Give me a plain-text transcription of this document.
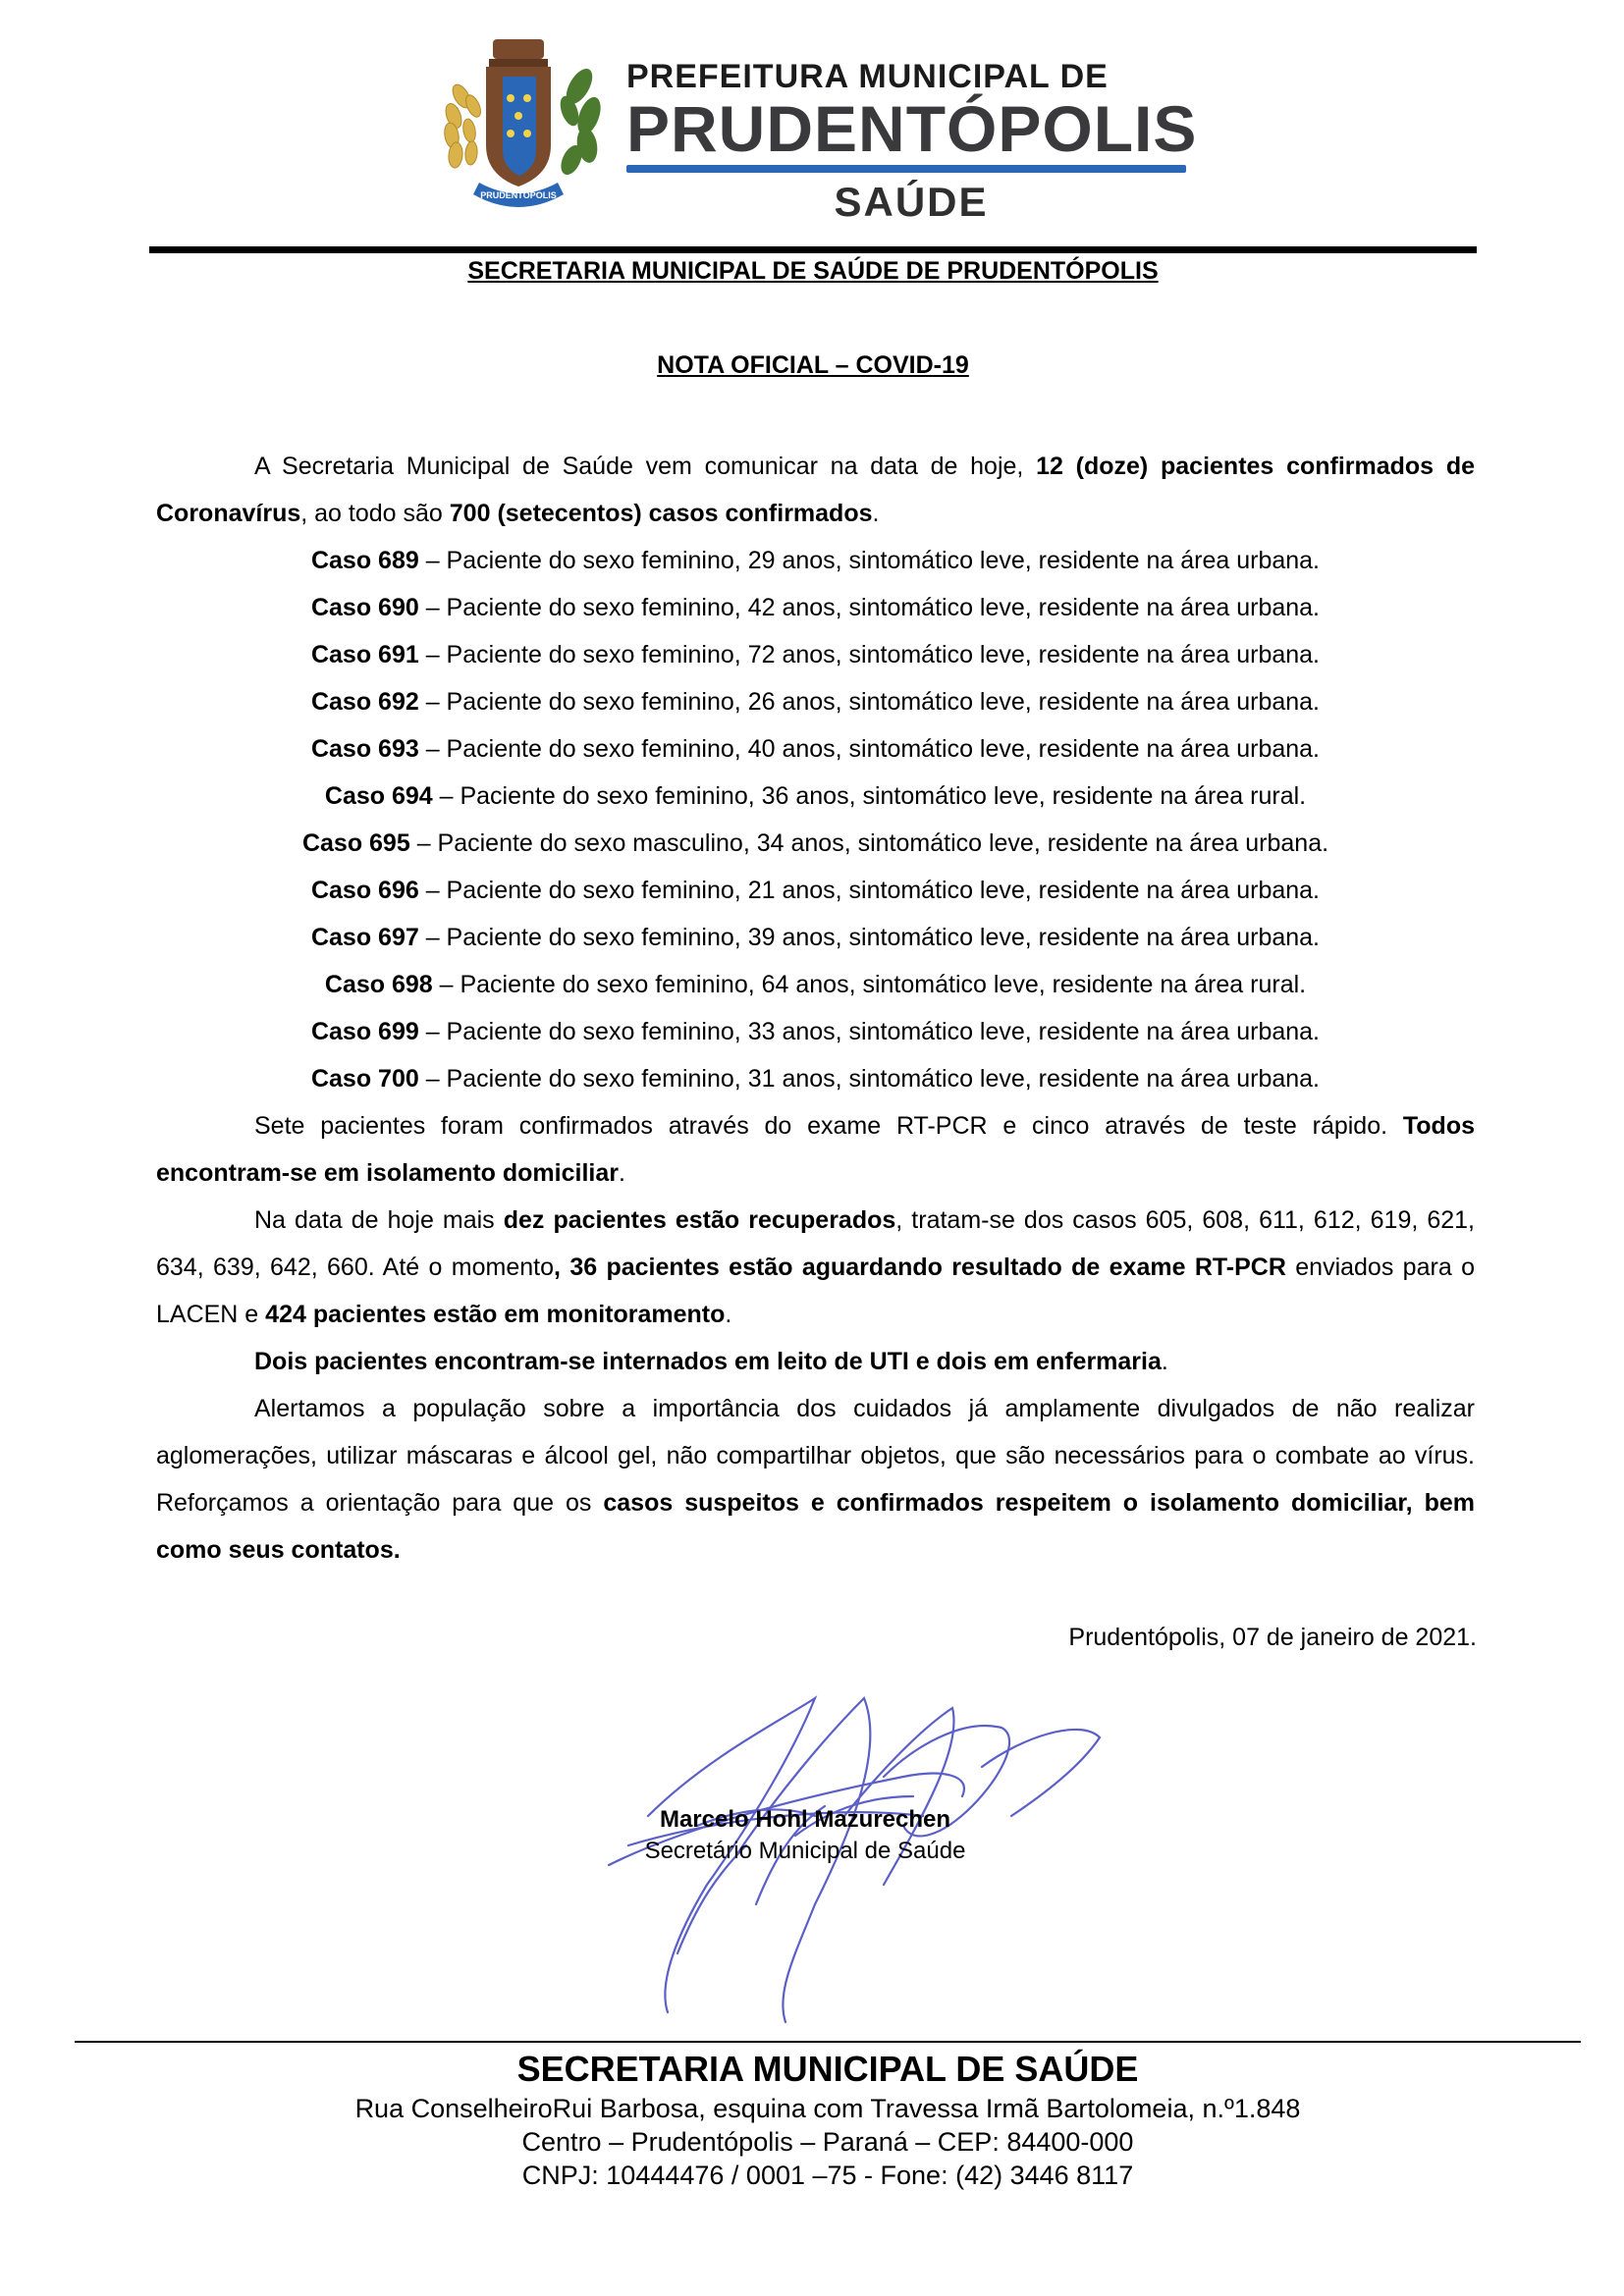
PRUDENTÓPOLIS
PREFEITURA MUNICIPAL DE
PRUDENTÓPOLIS
SAÚDE
SECRETARIA MUNICIPAL DE SAÚDE DE PRUDENTÓPOLIS
NOTA OFICIAL – COVID-19

A Secretaria Municipal de Saúde vem comunicar na data de hoje, 12 (doze) pacientes confirmados de Coronavírus, ao todo são 700 (setecentos) casos confirmados.

Caso 689 – Paciente do sexo feminino, 29 anos, sintomático leve, residente na área urbana.

Caso 690 – Paciente do sexo feminino, 42 anos, sintomático leve, residente na área urbana.

Caso 691 – Paciente do sexo feminino, 72 anos, sintomático leve, residente na área urbana.

Caso 692 – Paciente do sexo feminino, 26 anos, sintomático leve, residente na área urbana.

Caso 693 – Paciente do sexo feminino, 40 anos, sintomático leve, residente na área urbana.

Caso 694 – Paciente do sexo feminino, 36 anos, sintomático leve, residente na área rural.

Caso 695 – Paciente do sexo masculino, 34 anos, sintomático leve, residente na área urbana.

Caso 696 – Paciente do sexo feminino, 21 anos, sintomático leve, residente na área urbana.

Caso 697 – Paciente do sexo feminino, 39 anos, sintomático leve, residente na área urbana.

Caso 698 – Paciente do sexo feminino, 64 anos, sintomático leve, residente na área rural.

Caso 699 – Paciente do sexo feminino, 33 anos, sintomático leve, residente na área urbana.

Caso 700 – Paciente do sexo feminino, 31 anos, sintomático leve, residente na área urbana.

Sete pacientes foram confirmados através do exame RT-PCR e cinco através de teste rápido. Todos encontram-se em isolamento domiciliar.

Na data de hoje mais dez pacientes estão recuperados, tratam-se dos casos 605, 608, 611, 612, 619, 621, 634, 639, 642, 660. Até o momento, 36 pacientes estão aguardando resultado de exame RT-PCR enviados para o LACEN e 424 pacientes estão em monitoramento.

Dois pacientes encontram-se internados em leito de UTI e dois em enfermaria.

Alertamos a população sobre a importância dos cuidados já amplamente divulgados de não realizar aglomerações, utilizar máscaras e álcool gel, não compartilhar objetos, que são necessários para o combate ao vírus. Reforçamos a orientação para que os casos suspeitos e confirmados respeitem o isolamento domiciliar, bem como seus contatos.

Prudentópolis, 07 de janeiro de 2021.
Marcelo Hohl Mazurechen
Secretário Municipal de Saúde
SECRETARIA MUNICIPAL DE SAÚDE
Rua ConselheiroRui Barbosa, esquina com Travessa Irmã Bartolomeia, n.º1.848
Centro – Prudentópolis – Paraná – CEP: 84400-000
CNPJ: 10444476 / 0001 –75 - Fone: (42) 3446 8117
